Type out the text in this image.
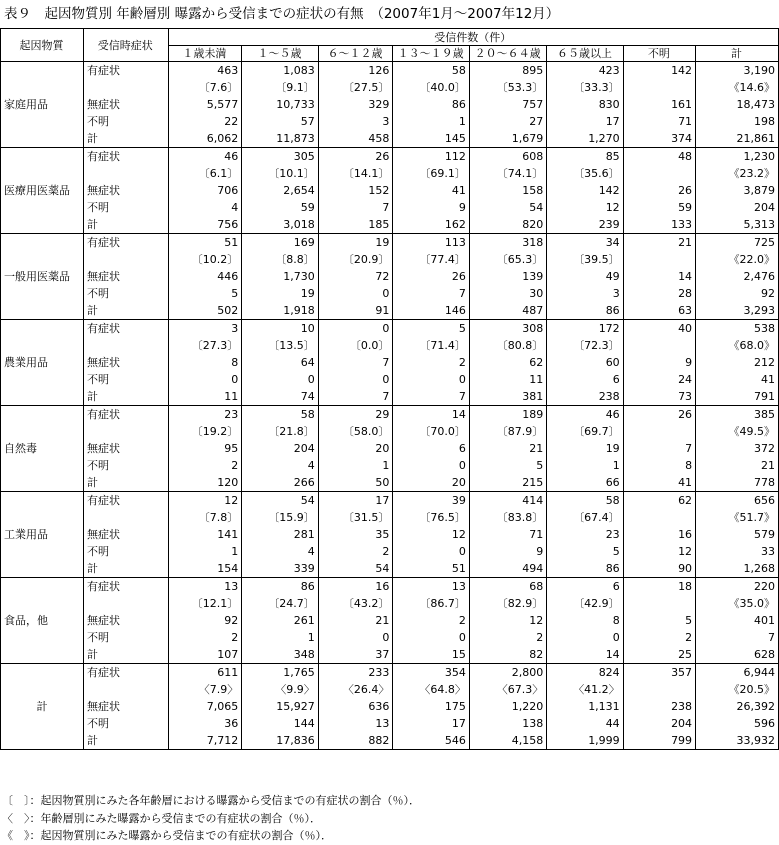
表９　起因物質別 年齢層別 曝露から受信までの症状の有無　（2007年1月～2007年12月）
起因物質	受信時症状	受信件数（件）							
		１歳未満	１～５歳	６～１２歳	１３～１９歳	２０～６４歳	６５歳以上	不明	計
家庭用品	有症状	463	1,083	126	58	895	423	142	3,190
		〔7.6〕	〔9.1〕	〔27.5〕	〔40.0〕	〔53.3〕	〔33.3〕		《14.6》
	無症状	5,577	10,733	329	86	757	830	161	18,473
	不明	22	57	3	1	27	17	71	198
	計	6,062	11,873	458	145	1,679	1,270	374	21,861
医療用医薬品	有症状	46	305	26	112	608	85	48	1,230
		〔6.1〕	〔10.1〕	〔14.1〕	〔69.1〕	〔74.1〕	〔35.6〕		《23.2》
	無症状	706	2,654	152	41	158	142	26	3,879
	不明	4	59	7	9	54	12	59	204
	計	756	3,018	185	162	820	239	133	5,313
一般用医薬品	有症状	51	169	19	113	318	34	21	725
		〔10.2〕	〔8.8〕	〔20.9〕	〔77.4〕	〔65.3〕	〔39.5〕		《22.0》
	無症状	446	1,730	72	26	139	49	14	2,476
	不明	5	19	0	7	30	3	28	92
	計	502	1,918	91	146	487	86	63	3,293
農業用品	有症状	3	10	0	5	308	172	40	538
		〔27.3〕	〔13.5〕	〔0.0〕	〔71.4〕	〔80.8〕	〔72.3〕		《68.0》
	無症状	8	64	7	2	62	60	9	212
	不明	0	0	0	0	11	6	24	41
	計	11	74	7	7	381	238	73	791
自然毒	有症状	23	58	29	14	189	46	26	385
		〔19.2〕	〔21.8〕	〔58.0〕	〔70.0〕	〔87.9〕	〔69.7〕		《49.5》
	無症状	95	204	20	6	21	19	7	372
	不明	2	4	1	0	5	1	8	21
	計	120	266	50	20	215	66	41	778
工業用品	有症状	12	54	17	39	414	58	62	656
		〔7.8〕	〔15.9〕	〔31.5〕	〔76.5〕	〔83.8〕	〔67.4〕		《51.7》
	無症状	141	281	35	12	71	23	16	579
	不明	1	4	2	0	9	5	12	33
	計	154	339	54	51	494	86	90	1,268
食品，他	有症状	13	86	16	13	68	6	18	220
		〔12.1〕	〔24.7〕	〔43.2〕	〔86.7〕	〔82.9〕	〔42.9〕		《35.0》
	無症状	92	261	21	2	12	8	5	401
	不明	2	1	0	0	2	0	2	7
	計	107	348	37	15	82	14	25	628
計	有症状	611	1,765	233	354	2,800	824	357	6,944
		〈7.9〉	〈9.9〉	〈26.4〉	〈64.8〉	〈67.3〉	〈41.2〉		《20.5》
	無症状	7,065	15,927	636	175	1,220	1,131	238	26,392
	不明	36	144	13	17	138	44	204	596
	計	7,712	17,836	882	546	4,158	1,999	799	33,932
〔　〕：起因物質別にみた各年齢層における曝露から受信までの有症状の割合（％）．
〈　〉：年齢層別にみた曝露から受信までの有症状の割合（％）．
《　》：起因物質別にみた曝露から受信までの有症状の割合（％）．
